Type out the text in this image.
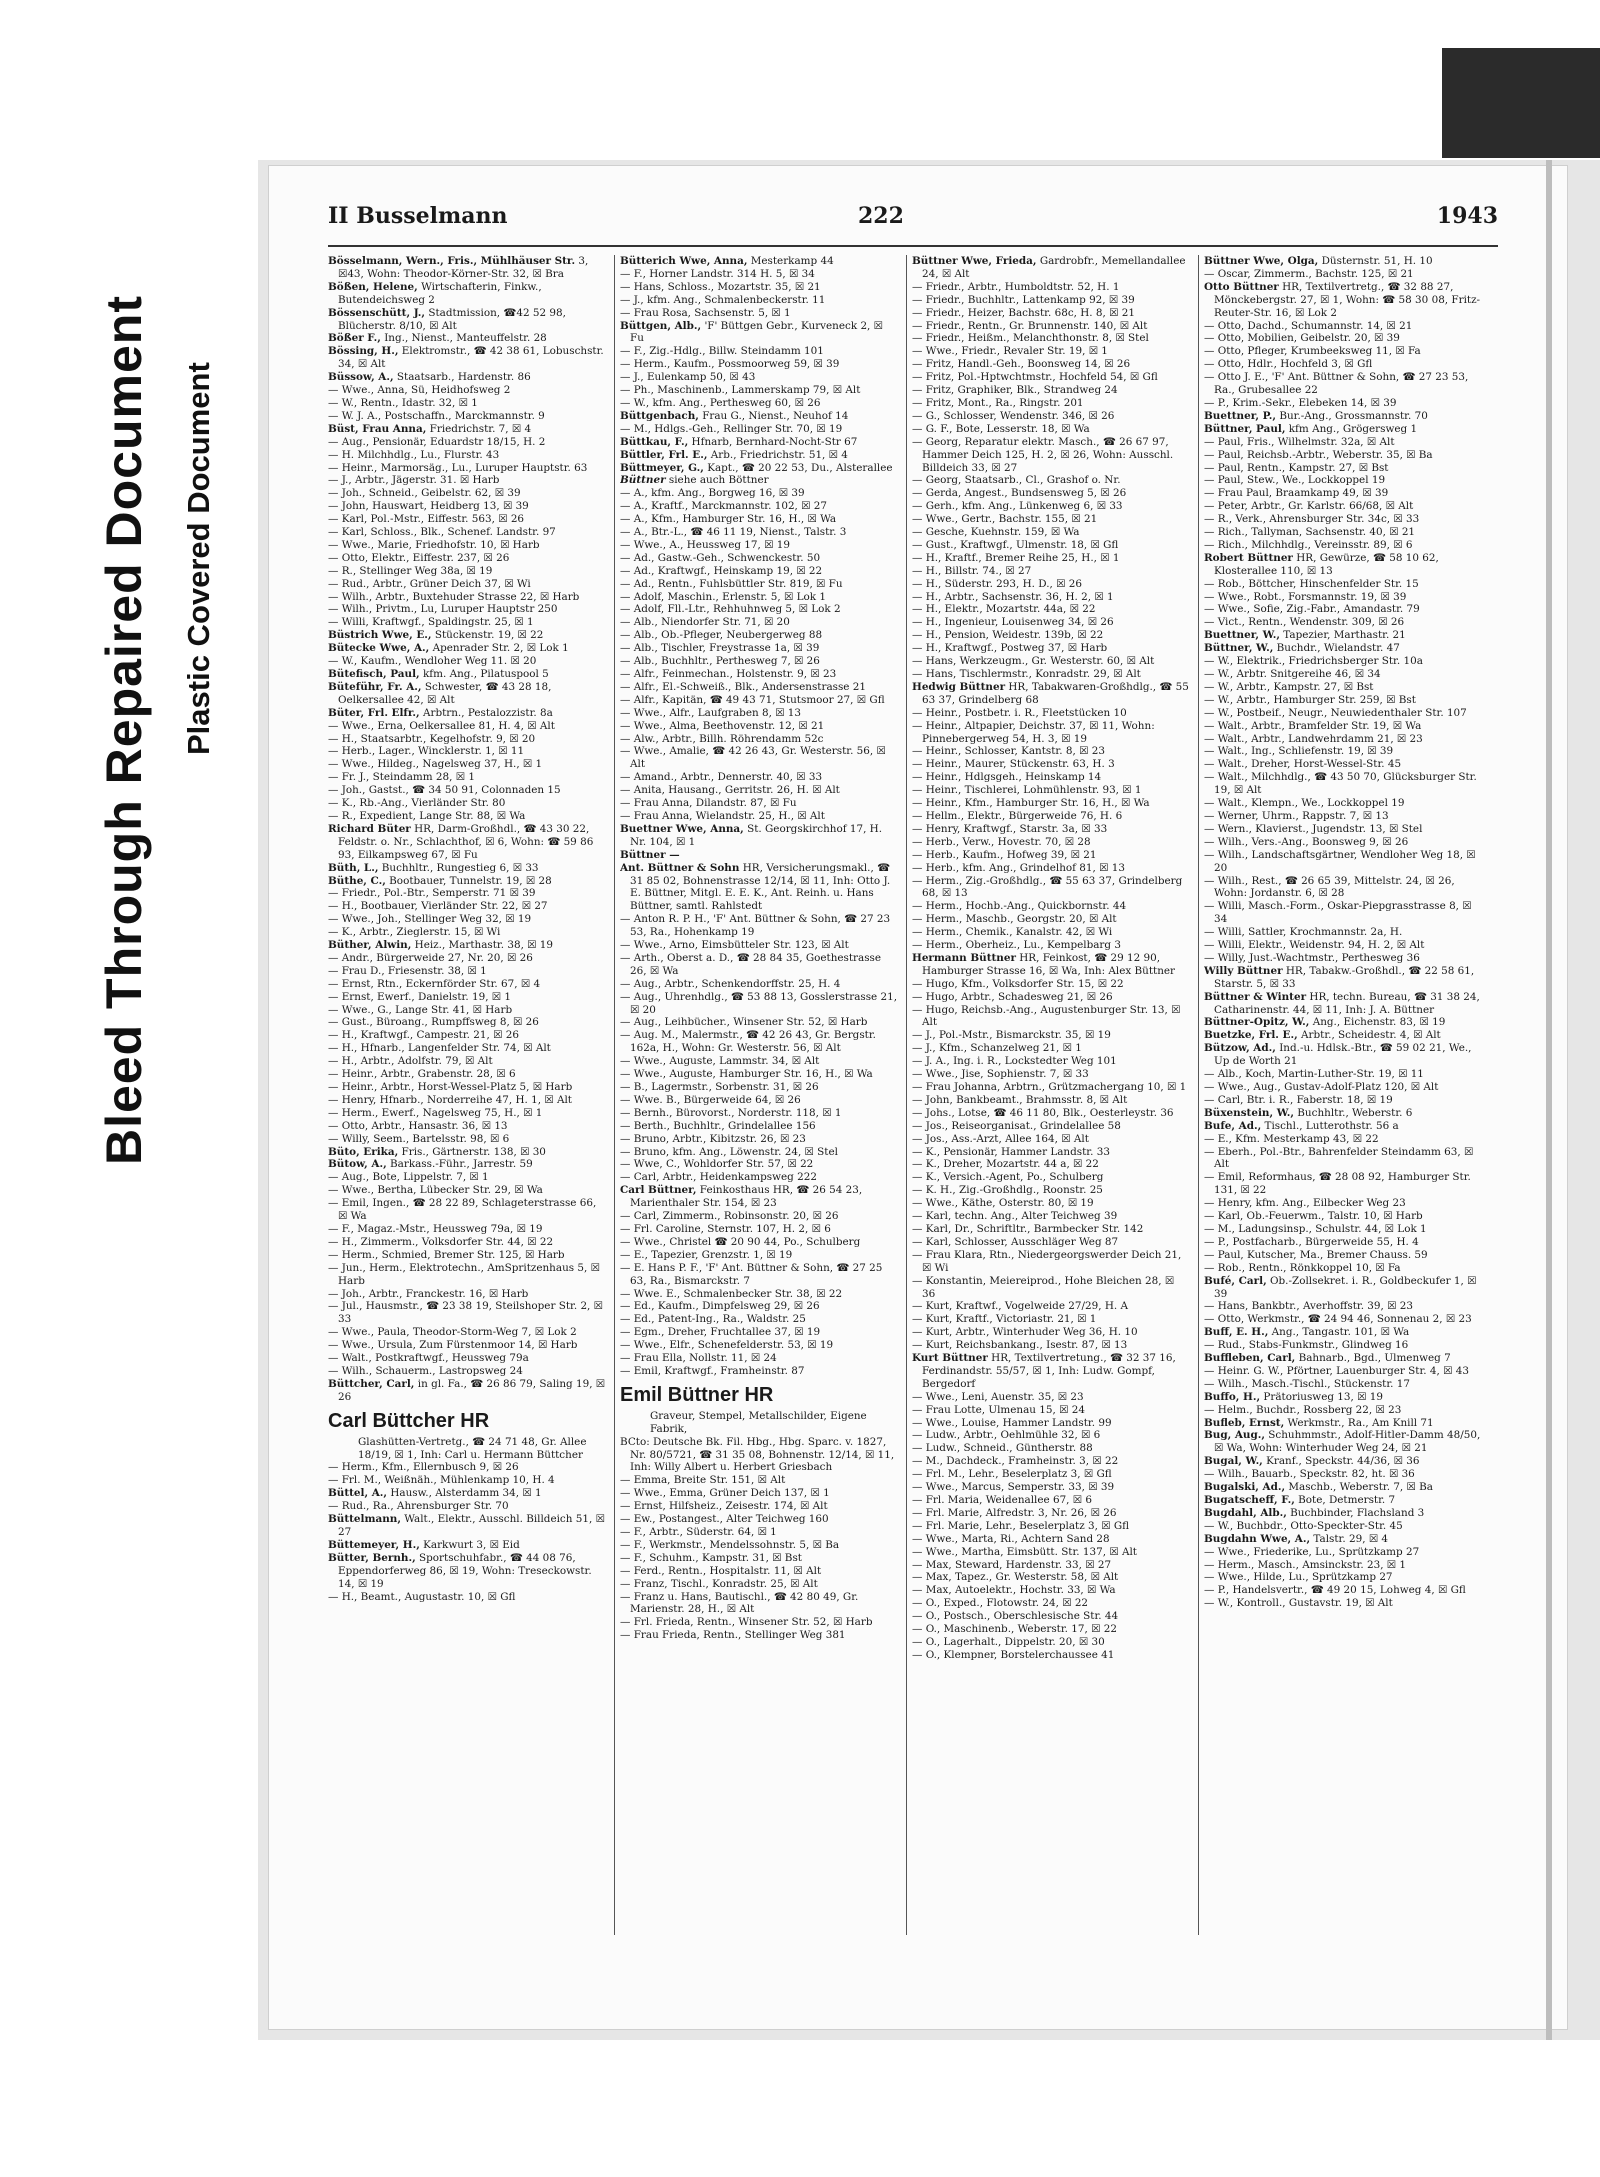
Bleed Through Repaired Document Plastic Covered Document
II Busselmann	222	1943

Bösselmann, Wern., Fris., Mühlhäuser Str. 3, ☒43, Wohn: Theodor-Körner-Str. 32, ☒ Bra

Bößen, Helene, Wirtschafterin, Finkw., Butendeichsweg 2

Bössenschütt, J., Stadtmission, ☎42 52 98, Blücherstr. 8/10, ☒ Alt

Bößer F., Ing., Nienst., Manteuffelstr. 28

Bössing, H., Elektromstr., ☎ 42 38 61, Lobuschstr. 34, ☒ Alt

Büssow, A., Staatsarb., Hardenstr. 86

— Wwe., Anna, Sü, Heidhofsweg 2

— W., Rentn., Idastr. 32, ☒ 1

— W. J. A., Postschaffn., Marckmannstr. 9

Büst, Frau Anna, Friedrichstr. 7, ☒ 4

— Aug., Pensionär, Eduardstr 18/15, H. 2

— H. Milchhdlg., Lu., Flurstr. 43

— Heinr., Marmorsäg., Lu., Luruper Hauptstr. 63

— J., Arbtr., Jägerstr. 31. ☒ Harb

— Joh., Schneid., Geibelstr. 62, ☒ 39

— John, Hauswart, Heidberg 13, ☒ 39

— Karl, Pol.-Mstr., Eiffestr. 563, ☒ 26

— Karl, Schloss., Blk., Schenef. Landstr. 97

— Wwe., Marie, Friedhofstr. 10, ☒ Harb

— Otto, Elektr., Eiffestr. 237, ☒ 26

— R., Stellinger Weg 38a, ☒ 19

— Rud., Arbtr., Grüner Deich 37, ☒ Wi

— Wilh., Arbtr., Buxtehuder Strasse 22, ☒ Harb

— Wilh., Privtm., Lu, Luruper Hauptstr 250

— Willi, Kraftwgf., Spaldingstr. 25, ☒ 1

Büstrich Wwe, E., Stückenstr. 19, ☒ 22

Bütecke Wwe, A., Apenrader Str. 2, ☒ Lok 1

— W., Kaufm., Wendloher Weg 11. ☒ 20

Bütefisch, Paul, kfm. Ang., Pilatuspool 5

Büteführ, Fr. A., Schwester, ☎ 43 28 18, Oelkersallee 42, ☒ Alt

Büter, Frl. Elfr., Arbtrn., Pestalozzistr. 8a

— Wwe., Erna, Oelkersallee 81, H. 4, ☒ Alt

— H., Staatsarbtr., Kegelhofstr. 9, ☒ 20

— Herb., Lager., Wincklerstr. 1, ☒ 11

— Wwe., Hildeg., Nagelsweg 37, H., ☒ 1

— Fr. J., Steindamm 28, ☒ 1

— Joh., Gastst., ☎ 34 50 91, Colonnaden 15

— K., Rb.-Ang., Vierländer Str. 80

— R., Expedient, Lange Str. 88, ☒ Wa

Richard Büter HR, Darm-Großhdl., ☎ 43 30 22, Feldstr. o. Nr., Schlachthof, ☒ 6, Wohn: ☎ 59 86 93, Eilkampsweg 67, ☒ Fu

Büth, L., Buchhltr., Rungestieg 6, ☒ 33

Büthe, C., Bootbauer, Tunnelstr. 19, ☒ 28

— Friedr., Pol.-Btr., Semperstr. 71 ☒ 39

— H., Bootbauer, Vierländer Str. 22, ☒ 27

— Wwe., Joh., Stellinger Weg 32, ☒ 19

— K., Arbtr., Zieglerstr. 15, ☒ Wi

Büther, Alwin, Heiz., Marthastr. 38, ☒ 19

— Andr., Bürgerweide 27, Nr. 20, ☒ 26

— Frau D., Friesenstr. 38, ☒ 1

— Ernst, Rtn., Eckernförder Str. 67, ☒ 4

— Ernst, Ewerf., Danielstr. 19, ☒ 1

— Wwe., G., Lange Str. 41, ☒ Harb

— Gust., Büroang., Rumpffsweg 8, ☒ 26

— H., Kraftwgf., Campestr. 21, ☒ 26

— H., Hfnarb., Langenfelder Str. 74, ☒ Alt

— H., Arbtr., Adolfstr. 79, ☒ Alt

— Heinr., Arbtr., Grabenstr. 28, ☒ 6

— Heinr., Arbtr., Horst-Wessel-Platz 5, ☒ Harb

— Henry, Hfnarb., Norderreihe 47, H. 1, ☒ Alt

— Herm., Ewerf., Nagelsweg 75, H., ☒ 1

— Otto, Arbtr., Hansastr. 36, ☒ 13

— Willy, Seem., Bartelsstr. 98, ☒ 6

Büto, Erika, Fris., Gärtnerstr. 138, ☒ 30

Bütow, A., Barkass.-Führ., Jarrestr. 59

— Aug., Bote, Lippelstr. 7, ☒ 1

— Wwe., Bertha, Lübecker Str. 29, ☒ Wa

— Emil, Ingen., ☎ 28 22 89, Schlageterstrasse 66, ☒ Wa

— F., Magaz.-Mstr., Heussweg 79a, ☒ 19

— H., Zimmerm., Volksdorfer Str. 44, ☒ 22

— Herm., Schmied, Bremer Str. 125, ☒ Harb

— Jun., Herm., Elektrotechn., AmSpritzenhaus 5, ☒ Harb

— Joh., Arbtr., Franckestr. 16, ☒ Harb

— Jul., Hausmstr., ☎ 23 38 19, Steilshoper Str. 2, ☒ 33

— Wwe., Paula, Theodor-Storm-Weg 7, ☒ Lok 2

— Wwe., Ursula, Zum Fürstenmoor 14, ☒ Harb

— Walt., Postkraftwgf., Heussweg 79a

— Wilh., Schauerm., Lastropsweg 24

Büttcher, Carl, in gl. Fa., ☎ 26 86 79, Saling 19, ☒ 26

Carl Büttcher HR

Glashütten-Vertretg., ☎ 24 71 48, Gr. Allee 18/19, ☒ 1, Inh: Carl u. Hermann Büttcher

— Herm., Kfm., Ellernbusch 9, ☒ 26

— Frl. M., Weißnäh., Mühlenkamp 10, H. 4

Büttel, A., Hausw., Alsterdamm 34, ☒ 1

— Rud., Ra., Ahrensburger Str. 70

Büttelmann, Walt., Elektr., Ausschl. Billdeich 51, ☒ 27

Büttemeyer, H., Karkwurt 3, ☒ Eid

Bütter, Bernh., Sportschuhfabr., ☎ 44 08 76, Eppendorferweg 86, ☒ 19, Wohn: Treseckowstr. 14, ☒ 19

— H., Beamt., Augustastr. 10, ☒ Gfl

Bütterich Wwe, Anna, Mesterkamp 44

— F., Horner Landstr. 314 H. 5, ☒ 34

— Hans, Schloss., Mozartstr. 35, ☒ 21

— J., kfm. Ang., Schmalenbeckerstr. 11

— Frau Rosa, Sachsenstr. 5, ☒ 1

Büttgen, Alb., 'F' Büttgen Gebr., Kurveneck 2, ☒ Fu

— F., Zig.-Hdlg., Billw. Steindamm 101

— Herm., Kaufm., Possmoorweg 59, ☒ 39

— J., Eulenkamp 50, ☒ 43

— Ph., Maschinenb., Lammerskamp 79, ☒ Alt

— W., kfm. Ang., Perthesweg 60, ☒ 26

Büttgenbach, Frau G., Nienst., Neuhof 14

— M., Hdlgs.-Geh., Rellinger Str. 70, ☒ 19

Büttkau, F., Hfnarb, Bernhard-Nocht-Str 67

Büttler, Frl. E., Arb., Friedrichstr. 51, ☒ 4

Büttmeyer, G., Kapt., ☎ 20 22 53, Du., Alsterallee

Büttner siehe auch Böttner

— A., kfm. Ang., Borgweg 16, ☒ 39

— A., Kraftf., Marckmannstr. 102, ☒ 27

— A., Kfm., Hamburger Str. 16, H., ☒ Wa

— A., Btr.-L., ☎ 46 11 19, Nienst., Talstr. 3

— Wwe., A., Heussweg 17, ☒ 19

— Ad., Gastw.-Geh., Schwenckestr. 50

— Ad., Kraftwgf., Heinskamp 19, ☒ 22

— Ad., Rentn., Fuhlsbüttler Str. 819, ☒ Fu

— Adolf, Maschin., Erlenstr. 5, ☒ Lok 1

— Adolf, Fll.-Ltr., Rehhuhnweg 5, ☒ Lok 2

— Alb., Niendorfer Str. 71, ☒ 20

— Alb., Ob.-Pfleger, Neubergerweg 88

— Alb., Tischler, Freystrasse 1a, ☒ 39

— Alb., Buchhltr., Perthesweg 7, ☒ 26

— Alfr., Feinmechan., Holstenstr. 9, ☒ 23

— Alfr., El.-Schweiß., Blk., Andersenstrasse 21

— Alfr., Kapitän, ☎ 49 43 71, Stutsmoor 27, ☒ Gfl

— Wwe., Alfr., Laufgraben 8, ☒ 13

— Wwe., Alma, Beethovenstr. 12, ☒ 21

— Alw., Arbtr., Billh. Röhrendamm 52c

— Wwe., Amalie, ☎ 42 26 43, Gr. Westerstr. 56, ☒ Alt

— Amand., Arbtr., Dennerstr. 40, ☒ 33

— Anita, Hausang., Gerritstr. 26, H. ☒ Alt

— Frau Anna, Dilandstr. 87, ☒ Fu

— Frau Anna, Wielandstr. 25, H., ☒ Alt

Buettner Wwe, Anna, St. Georgskirchhof 17, H. Nr. 104, ☒ 1

Büttner —

Ant. Büttner & Sohn HR, Versicherungsmakl., ☎ 31 85 02, Bohnenstrasse 12/14, ☒ 11, Inh: Otto J. E. Büttner, Mitgl. E. E. K., Ant. Reinh. u. Hans Büttner, samtl. Rahlstedt

— Anton R. P. H., 'F' Ant. Büttner & Sohn, ☎ 27 23 53, Ra., Hohenkamp 19

— Wwe., Arno, Eimsbütteler Str. 123, ☒ Alt

— Arth., Oberst a. D., ☎ 28 84 35, Goethestrasse 26, ☒ Wa

— Aug., Arbtr., Schenkendorffstr. 25, H. 4

— Aug., Uhrenhdlg., ☎ 53 88 13, Gosslerstrasse 21, ☒ 20

— Aug., Leihbücher., Winsener Str. 52, ☒ Harb

— Aug. M., Malermstr., ☎ 42 26 43, Gr. Bergstr. 162a, H., Wohn: Gr. Westerstr. 56, ☒ Alt

— Wwe., Auguste, Lammstr. 34, ☒ Alt

— Wwe., Auguste, Hamburger Str. 16, H., ☒ Wa

— B., Lagermstr., Sorbenstr. 31, ☒ 26

— Wwe. B., Bürgerweide 64, ☒ 26

— Bernh., Bürovorst., Norderstr. 118, ☒ 1

— Berth., Buchhltr., Grindelallee 156

— Bruno, Arbtr., Kibitzstr. 26, ☒ 23

— Bruno, kfm. Ang., Löwenstr. 24, ☒ Stel

— Wwe, C., Wohldorfer Str. 57, ☒ 22

— Carl, Arbtr., Heidenkampsweg 222

Carl Büttner, Feinkosthaus HR, ☎ 26 54 23, Marienthaler Str. 154, ☒ 23

— Carl, Zimmerm., Robinsonstr. 20, ☒ 26

— Frl. Caroline, Sternstr. 107, H. 2, ☒ 6

— Wwe., Christel ☎ 20 90 44, Po., Schulberg

— E., Tapezier, Grenzstr. 1, ☒ 19

— E. Hans P. F., 'F' Ant. Büttner & Sohn, ☎ 27 25 63, Ra., Bismarckstr. 7

— Wwe. E., Schmalenbecker Str. 38, ☒ 22

— Ed., Kaufm., Dimpfelsweg 29, ☒ 26

— Ed., Patent-Ing., Ra., Waldstr. 25

— Egm., Dreher, Fruchtallee 37, ☒ 19

— Wwe., Elfr., Schenefelderstr. 53, ☒ 19

— Frau Ella, Nollstr. 11, ☒ 24

— Emil, Kraftwgf., Framheinstr. 87

Emil Büttner HR

Graveur, Stempel, Metallschilder, Eigene Fabrik,

BCto: Deutsche Bk. Fil. Hbg., Hbg. Sparc. v. 1827, Nr. 80/5721, ☎ 31 35 08, Bohnenstr. 12/14, ☒ 11, Inh: Willy Albert u. Herbert Griesbach

— Emma, Breite Str. 151, ☒ Alt

— Wwe., Emma, Grüner Deich 137, ☒ 1

— Ernst, Hilfsheiz., Zeisestr. 174, ☒ Alt

— Ew., Postangest., Alter Teichweg 160

— F., Arbtr., Süderstr. 64, ☒ 1

— F., Werkmstr., Mendelssohnstr. 5, ☒ Ba

— F., Schuhm., Kampstr. 31, ☒ Bst

— Ferd., Rentn., Hospitalstr. 11, ☒ Alt

— Franz, Tischl., Konradstr. 25, ☒ Alt

— Franz u. Hans, Bautischl., ☎ 42 80 49, Gr. Marienstr. 28, H., ☒ Alt

— Frl. Frieda, Rentn., Winsener Str. 52, ☒ Harb

— Frau Frieda, Rentn., Stellinger Weg 381

Büttner Wwe, Frieda, Gardrobfr., Memellandallee 24, ☒ Alt

— Friedr., Arbtr., Humboldtstr. 52, H. 1

— Friedr., Buchhltr., Lattenkamp 92, ☒ 39

— Friedr., Heizer, Bachstr. 68c, H. 8, ☒ 21

— Friedr., Rentn., Gr. Brunnenstr. 140, ☒ Alt

— Friedr., Heißm., Melanchthonstr. 8, ☒ Stel

— Wwe., Friedr., Revaler Str. 19, ☒ 1

— Fritz, Handl.-Geh., Boonsweg 14, ☒ 26

— Fritz, Pol.-Hptwchtmstr., Hochfeld 54, ☒ Gfl

— Fritz, Graphiker, Blk., Strandweg 24

— Fritz, Mont., Ra., Ringstr. 201

— G., Schlosser, Wendenstr. 346, ☒ 26

— G. F., Bote, Lesserstr. 18, ☒ Wa

— Georg, Reparatur elektr. Masch., ☎ 26 67 97, Hammer Deich 125, H. 2, ☒ 26, Wohn: Ausschl. Billdeich 33, ☒ 27

— Georg, Staatsarb., Cl., Grashof o. Nr.

— Gerda, Angest., Bundsensweg 5, ☒ 26

— Gerh., kfm. Ang., Lünkenweg 6, ☒ 33

— Wwe., Gertr., Bachstr. 155, ☒ 21

— Gesche, Kuehnstr. 159, ☒ Wa

— Gust., Kraftwgf., Ulmenstr. 18, ☒ Gfl

— H., Kraftf., Bremer Reihe 25, H., ☒ 1

— H., Billstr. 74., ☒ 27

— H., Süderstr. 293, H. D., ☒ 26

— H., Arbtr., Sachsenstr. 36, H. 2, ☒ 1

— H., Elektr., Mozartstr. 44a, ☒ 22

— H., Ingenieur, Louisenweg 34, ☒ 26

— H., Pension, Weidestr. 139b, ☒ 22

— H., Kraftwgf., Postweg 37, ☒ Harb

— Hans, Werkzeugm., Gr. Westerstr. 60, ☒ Alt

— Hans, Tischlermstr., Konradstr. 29, ☒ Alt

Hedwig Büttner HR, Tabakwaren-Großhdlg., ☎ 55 63 37, Grindelberg 68

— Heinr., Postbetr. i. R., Fleetstücken 10

— Heinr., Altpapier, Deichstr. 37, ☒ 11, Wohn: Pinnebergerweg 54, H. 3, ☒ 19

— Heinr., Schlosser, Kantstr. 8, ☒ 23

— Heinr., Maurer, Stückenstr. 63, H. 3

— Heinr., Hdlgsgeh., Heinskamp 14

— Heinr., Tischlerei, Lohmühlenstr. 93, ☒ 1

— Heinr., Kfm., Hamburger Str. 16, H., ☒ Wa

— Hellm., Elektr., Bürgerweide 76, H. 6

— Henry, Kraftwgf., Starstr. 3a, ☒ 33

— Herb., Verw., Hovestr. 70, ☒ 28

— Herb., Kaufm., Hofweg 39, ☒ 21

— Herb., kfm. Ang., Grindelhof 81, ☒ 13

— Herm., Zig.-Großhdlg., ☎ 55 63 37, Grindelberg 68, ☒ 13

— Herm., Hochb.-Ang., Quickbornstr. 44

— Herm., Maschb., Georgstr. 20, ☒ Alt

— Herm., Chemik., Kanalstr. 42, ☒ Wi

— Herm., Oberheiz., Lu., Kempelbarg 3

Hermann Büttner HR, Feinkost, ☎ 29 12 90, Hamburger Strasse 16, ☒ Wa, Inh: Alex Büttner

— Hugo, Kfm., Volksdorfer Str. 15, ☒ 22

— Hugo, Arbtr., Schadesweg 21, ☒ 26

— Hugo, Reichsb.-Ang., Augustenburger Str. 13, ☒ Alt

— J., Pol.-Mstr., Bismarckstr. 35, ☒ 19

— J., Kfm., Schanzelweg 21, ☒ 1

— J. A., Ing. i. R., Lockstedter Weg 101

— Wwe., Jise, Sophienstr. 7, ☒ 33

— Frau Johanna, Arbtrn., Grützmachergang 10, ☒ 1

— John, Bankbeamt., Brahmsstr. 8, ☒ Alt

— Johs., Lotse, ☎ 46 11 80, Blk., Oesterleystr. 36

— Jos., Reiseorganisat., Grindelallee 58

— Jos., Ass.-Arzt, Allee 164, ☒ Alt

— K., Pensionär, Hammer Landstr. 33

— K., Dreher, Mozartstr. 44 a, ☒ 22

— K., Versich.-Agent, Po., Schulberg

— K. H., Zig.-Großhdlg., Roonstr. 25

— Wwe., Käthe, Osterstr. 80, ☒ 19

— Karl, techn. Ang., Alter Teichweg 39

— Karl, Dr., Schriftltr., Barmbecker Str. 142

— Karl, Schlosser, Ausschläger Weg 87

— Frau Klara, Rtn., Niedergeorgswerder Deich 21, ☒ Wi

— Konstantin, Meiereiprod., Hohe Bleichen 28, ☒ 36

— Kurt, Kraftwf., Vogelweide 27/29, H. A

— Kurt, Kraftf., Victoriastr. 21, ☒ 1

— Kurt, Arbtr., Winterhuder Weg 36, H. 10

— Kurt, Reichsbankang., Isestr. 87, ☒ 13

Kurt Büttner HR, Textilvertretung., ☎ 32 37 16, Ferdinandstr. 55/57, ☒ 1, Inh: Ludw. Gompf, Bergedorf

— Wwe., Leni, Auenstr. 35, ☒ 23

— Frau Lotte, Ulmenau 15, ☒ 24

— Wwe., Louise, Hammer Landstr. 99

— Ludw., Arbtr., Oehlmühle 32, ☒ 6

— Ludw., Schneid., Güntherstr. 88

— M., Dachdeck., Framheinstr. 3, ☒ 22

— Frl. M., Lehr., Beselerplatz 3, ☒ Gfl

— Wwe., Marcus, Semperstr. 33, ☒ 39

— Frl. Maria, Weidenallee 67, ☒ 6

— Frl. Marie, Alfredstr. 3, Nr. 26, ☒ 26

— Frl. Marie, Lehr., Beselerplatz 3, ☒ Gfl

— Wwe., Marta, Ri., Achtern Sand 28

— Wwe., Martha, Eimsbütt. Str. 137, ☒ Alt

— Max, Steward, Hardenstr. 33, ☒ 27

— Max, Tapez., Gr. Westerstr. 58, ☒ Alt

— Max, Autoelektr., Hochstr. 33, ☒ Wa

— O., Exped., Flotowstr. 24, ☒ 22

— O., Postsch., Oberschlesische Str. 44

— O., Maschinenb., Weberstr. 17, ☒ 22

— O., Lagerhalt., Dippelstr. 20, ☒ 30

— O., Klempner, Borstelerchaussee 41

Büttner Wwe, Olga, Düsternstr. 51, H. 10

— Oscar, Zimmerm., Bachstr. 125, ☒ 21

Otto Büttner HR, Textilvertretg., ☎ 32 88 27, Mönckebergstr. 27, ☒ 1, Wohn: ☎ 58 30 08, Fritz-Reuter-Str. 16, ☒ Lok 2

— Otto, Dachd., Schumannstr. 14, ☒ 21

— Otto, Mobilien, Geibelstr. 20, ☒ 39

— Otto, Pfleger, Krumbeeksweg 11, ☒ Fa

— Otto, Hdlr., Hochfeld 3, ☒ Gfl

— Otto J. E., 'F' Ant. Büttner & Sohn, ☎ 27 23 53, Ra., Grubesallee 22

— P., Krim.-Sekr., Elebeken 14, ☒ 39

Buettner, P., Bur.-Ang., Grossmannstr. 70

Büttner, Paul, kfm Ang., Grögersweg 1

— Paul, Fris., Wilhelmstr. 32a, ☒ Alt

— Paul, Reichsb.-Arbtr., Weberstr. 35, ☒ Ba

— Paul, Rentn., Kampstr. 27, ☒ Bst

— Paul, Stew., We., Lockkoppel 19

— Frau Paul, Braamkamp 49, ☒ 39

— Peter, Arbtr., Gr. Karlstr. 66/68, ☒ Alt

— R., Verk., Ahrensburger Str. 34c, ☒ 33

— Rich., Tallyman, Sachsenstr. 40, ☒ 21

— Rich., Milchhdlg., Vereinsstr. 89, ☒ 6

Robert Büttner HR, Gewürze, ☎ 58 10 62, Klosterallee 110, ☒ 13

— Rob., Böttcher, Hinschenfelder Str. 15

— Wwe., Robt., Forsmannstr. 19, ☒ 39

— Wwe., Sofie, Zig.-Fabr., Amandastr. 79

— Vict., Rentn., Wendenstr. 309, ☒ 26

Buettner, W., Tapezier, Marthastr. 21

Büttner, W., Buchdr., Wielandstr. 47

— W., Elektrik., Friedrichsberger Str. 10a

— W., Arbtr. Snitgereihe 46, ☒ 34

— W., Arbtr., Kampstr. 27, ☒ Bst

— W., Arbtr., Hamburger Str. 259, ☒ Bst

— W., Postbeif., Neugr., Neuwiedenthaler Str. 107

— Walt., Arbtr., Bramfelder Str. 19, ☒ Wa

— Walt., Arbtr., Landwehrdamm 21, ☒ 23

— Walt., Ing., Schliefenstr. 19, ☒ 39

— Walt., Dreher, Horst-Wessel-Str. 45

— Walt., Milchhdlg., ☎ 43 50 70, Glücksburger Str. 19, ☒ Alt

— Walt., Klempn., We., Lockkoppel 19

— Werner, Uhrm., Rappstr. 7, ☒ 13

— Wern., Klavierst., Jugendstr. 13, ☒ Stel

— Wilh., Vers.-Ang., Boonsweg 9, ☒ 26

— Wilh., Landschaftsgärtner, Wendloher Weg 18, ☒ 20

— Wilh., Rest., ☎ 26 65 39, Mittelstr. 24, ☒ 26, Wohn: Jordanstr. 6, ☒ 28

— Willi, Masch.-Form., Oskar-Piepgrasstrasse 8, ☒ 34

— Willi, Sattler, Krochmannstr. 2a, H.

— Willi, Elektr., Weidenstr. 94, H. 2, ☒ Alt

— Willy, Just.-Wachtmstr., Perthesweg 36

Willy Büttner HR, Tabakw.-Großhdl., ☎ 22 58 61, Starstr. 5, ☒ 33

Büttner & Winter HR, techn. Bureau, ☎ 31 38 24, Catharinenstr. 44, ☒ 11, Inh: J. A. Büttner

Büttner-Opitz, W., Ang., Eichenstr. 83, ☒ 19

Buetzke, Frl. E., Arbtr., Scheidestr. 4, ☒ Alt

Bützow, Ad., Ind.-u. Hdlsk.-Btr., ☎ 59 02 21, We., Up de Worth 21

— Alb., Koch, Martin-Luther-Str. 19, ☒ 11

— Wwe., Aug., Gustav-Adolf-Platz 120, ☒ Alt

— Carl, Btr. i. R., Faberstr. 18, ☒ 19

Büxenstein, W., Buchhltr., Weberstr. 6

Bufe, Ad., Tischl., Lutterothstr. 56 a

— E., Kfm. Mesterkamp 43, ☒ 22

— Eberh., Pol.-Btr., Bahrenfelder Steindamm 63, ☒ Alt

— Emil, Reformhaus, ☎ 28 08 92, Hamburger Str. 131, ☒ 22

— Henry, kfm. Ang., Eilbecker Weg 23

— Karl, Ob.-Feuerwm., Talstr. 10, ☒ Harb

— M., Ladungsinsp., Schulstr. 44, ☒ Lok 1

— P., Postfacharb., Bürgerweide 55, H. 4

— Paul, Kutscher, Ma., Bremer Chauss. 59

— Rob., Rentn., Rönkkoppel 10, ☒ Fa

Bufé, Carl, Ob.-Zollsekret. i. R., Goldbeckufer 1, ☒ 39

— Hans, Bankbtr., Averhoffstr. 39, ☒ 23

— Otto, Werkmstr., ☎ 24 94 46, Sonnenau 2, ☒ 23

Buff, E. H., Ang., Tangastr. 101, ☒ Wa

— Rud., Stabs-Funkmstr., Glindweg 16

Buffleben, Carl, Bahnarb., Bgd., Ulmenweg 7

— Heinr. G. W., Pförtner, Lauenburger Str. 4, ☒ 43

— Wilh., Masch.-Tischl., Stückenstr. 17

Buffo, H., Prätoriusweg 13, ☒ 19

— Helm., Buchdr., Rossberg 22, ☒ 23

Bufleb, Ernst, Werkmstr., Ra., Am Knill 71

Bug, Aug., Schuhmmstr., Adolf-Hitler-Damm 48/50, ☒ Wa, Wohn: Winterhuder Weg 24, ☒ 21

Bugal, W., Kranf., Speckstr. 44/36, ☒ 36

— Wilh., Bauarb., Speckstr. 82, ht. ☒ 36

Bugalski, Ad., Maschb., Weberstr. 7, ☒ Ba

Bugatscheff, F., Bote, Detmerstr. 7

Bugdahl, Alb., Buchbinder, Flachsland 3

— W., Buchbdr., Otto-Speckter-Str. 45

Bugdahn Wwe, A., Talstr. 29, ☒ 4

— Wwe., Friederike, Lu., Sprützkamp 27

— Herm., Masch., Amsinckstr. 23, ☒ 1

— Wwe., Hilde, Lu., Sprützkamp 27

— P., Handelsvertr., ☎ 49 20 15, Lohweg 4, ☒ Gfl

— W., Kontroll., Gustavstr. 19, ☒ Alt
